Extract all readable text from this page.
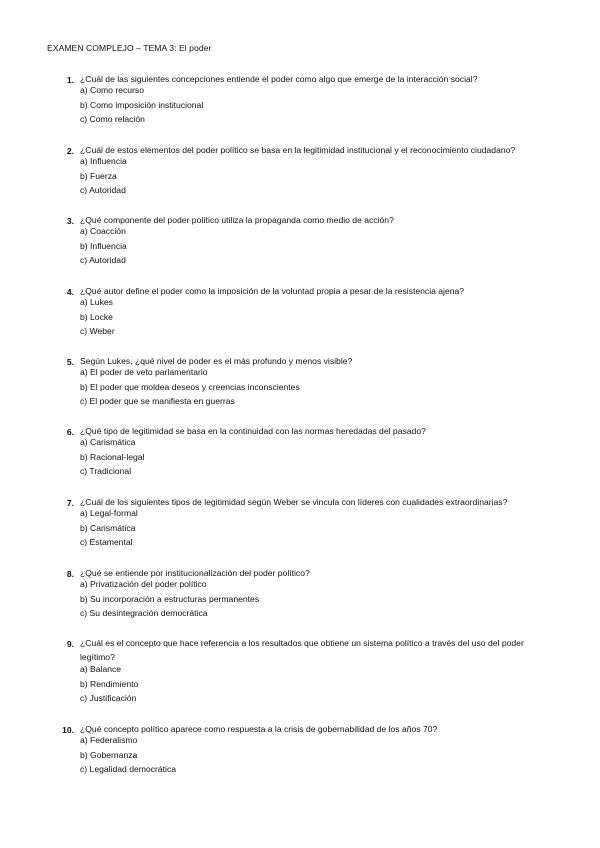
EXAMEN COMPLEJO – TEMA 3: El poder
1. ¿Cuál de las siguientes concepciones entiende el poder como algo que emerge de la interacción social?
a) Como recurso
b) Como imposición institucional
c) Como relación
2. ¿Cuál de estos elementos del poder político se basa en la legitimidad institucional y el reconocimiento ciudadano?
a) Influencia
b) Fuerza
c) Autoridad
3. ¿Qué componente del poder político utiliza la propaganda como medio de acción?
a) Coacción
b) Influencia
c) Autoridad
4. ¿Qué autor define el poder como la imposición de la voluntad propia a pesar de la resistencia ajena?
a) Lukes
b) Locke
c) Weber
5. Según Lukes, ¿qué nivel de poder es el más profundo y menos visible?
a) El poder de veto parlamentario
b) El poder que moldea deseos y creencias inconscientes
c) El poder que se manifiesta en guerras
6. ¿Qué tipo de legitimidad se basa en la continuidad con las normas heredadas del pasado?
a) Carismática
b) Racional-legal
c) Tradicional
7. ¿Cuál de los siguientes tipos de legitimidad según Weber se vincula con líderes con cualidades extraordinarias?
a) Legal-formal
b) Carismática
c) Estamental
8. ¿Qué se entiende por institucionalización del poder político?
a) Privatización del poder político
b) Su incorporación a estructuras permanentes
c) Su desintegración democrática
9. ¿Cuál es el concepto que hace referencia a los resultados que obtiene un sistema político a través del uso del poder legítimo?
a) Balance
b) Rendimiento
c) Justificación
10. ¿Qué concepto político aparece como respuesta a la crisis de gobernabilidad de los años 70?
a) Federalismo
b) Gobernanza
c) Legalidad democrática
